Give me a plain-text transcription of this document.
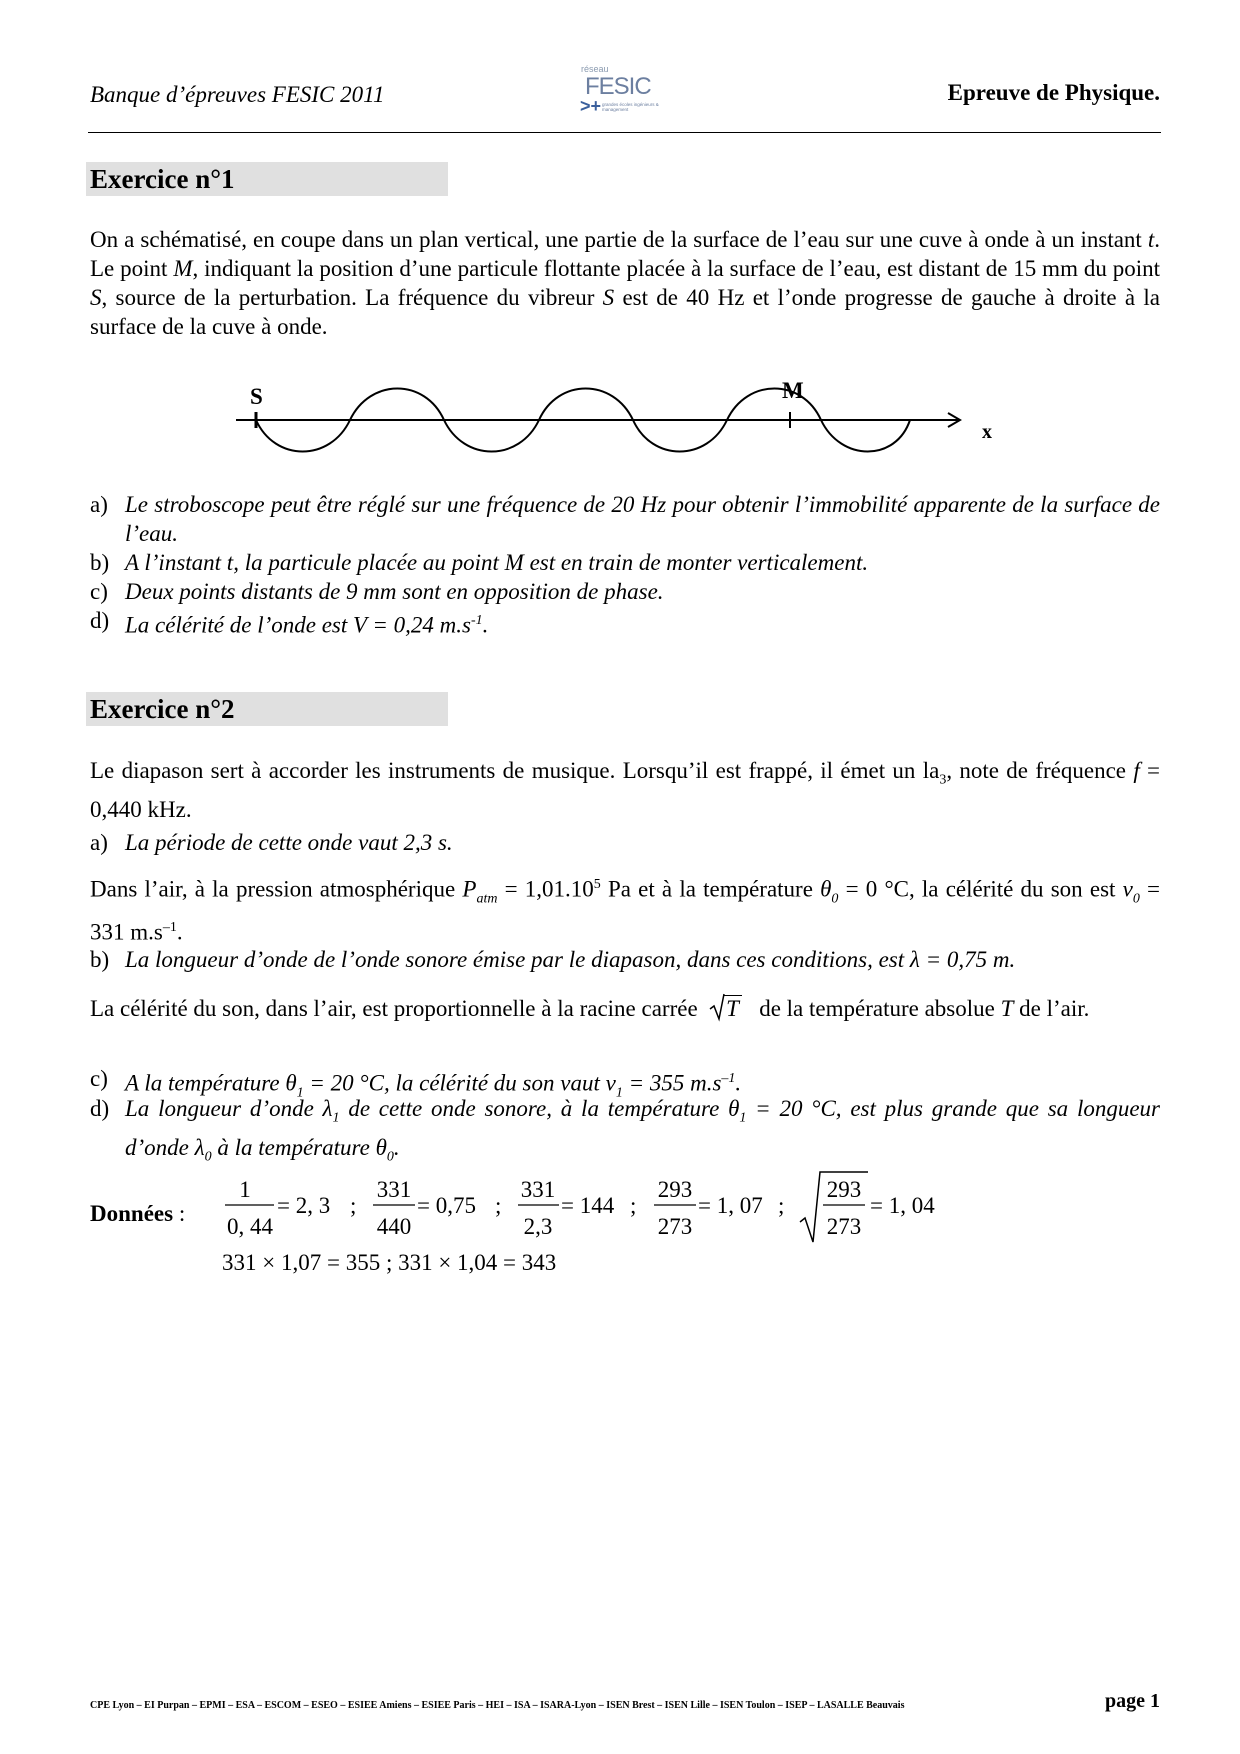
Banque d’épreuves FESIC 2011
réseau
FESIC
>+ grandes écoles ingénieurs & management
Epreuve de Physique.
Exercice n°1
On a schématisé, en coupe dans un plan vertical, une partie de la surface de l’eau sur une cuve à onde à un instant t. Le point M, indiquant la position d’une particule flottante placée à la surface de l’eau, est distant de 15 mm du point S, source de la perturbation. La fréquence du vibreur S est de 40 Hz et l’onde progresse de gauche à droite à la surface de la cuve à onde.
S	M
x
a) Le stroboscope peut être réglé sur une fréquence de 20 Hz pour obtenir l’immobilité apparente de la surface de l’eau.
b) A l’instant t, la particule placée au point M est en train de monter verticalement.
c) Deux points distants de 9 mm sont en opposition de phase.
d) La célérité de l’onde est V = 0,24 $m.s^{-1}$.
Exercice n°2
Le diapason sert à accorder les instruments de musique. Lorsqu’il est frappé, il émet un $la_3$, note de fréquence f = 0,440 kHz.
a) La période de cette onde vaut 2,3 s.
Dans l’air, à la pression atmosphérique $P_{atm} = 1,01.10^5$ Pa et à la température $\theta_0 = 0$ °C, la célérité du son est $v_0 = 331$ $m.s^{-1}$.
b) La longueur d’onde de l’onde sonore émise par le diapason, dans ces conditions, est λ = 0,75 m.
La célérité du son, dans l’air, est proportionnelle à la racine carrée T de la température absolue T de l’air.
c) A la température $\theta_1 = 20$ °C, la célérité du son vaut $v_1 = 355$ $m.s^{-1}$.
d) La longueur d’onde $\lambda_1$ de cette onde sonore, à la température $\theta_1 = 20$ °C, est plus grande que sa longueur d’onde $\lambda_0$ à la température $\theta_0$.
Données :
1
0, 44
= 2, 3 ;
331
440
= 0,75 ;
331
2,3
= 144 ;
293
273
= 1, 07 ;
293
273
= 1, 04
331 × 1,07 = 355 ; 331 × 1,04 = 343
CPE Lyon – EI Purpan – EPMI – ESA – ESCOM – ESEO – ESIEE Amiens – ESIEE Paris – HEI – ISA – ISARA-Lyon – ISEN Brest – ISEN Lille – ISEN Toulon – ISEP – LASALLE Beauvais	page 1
